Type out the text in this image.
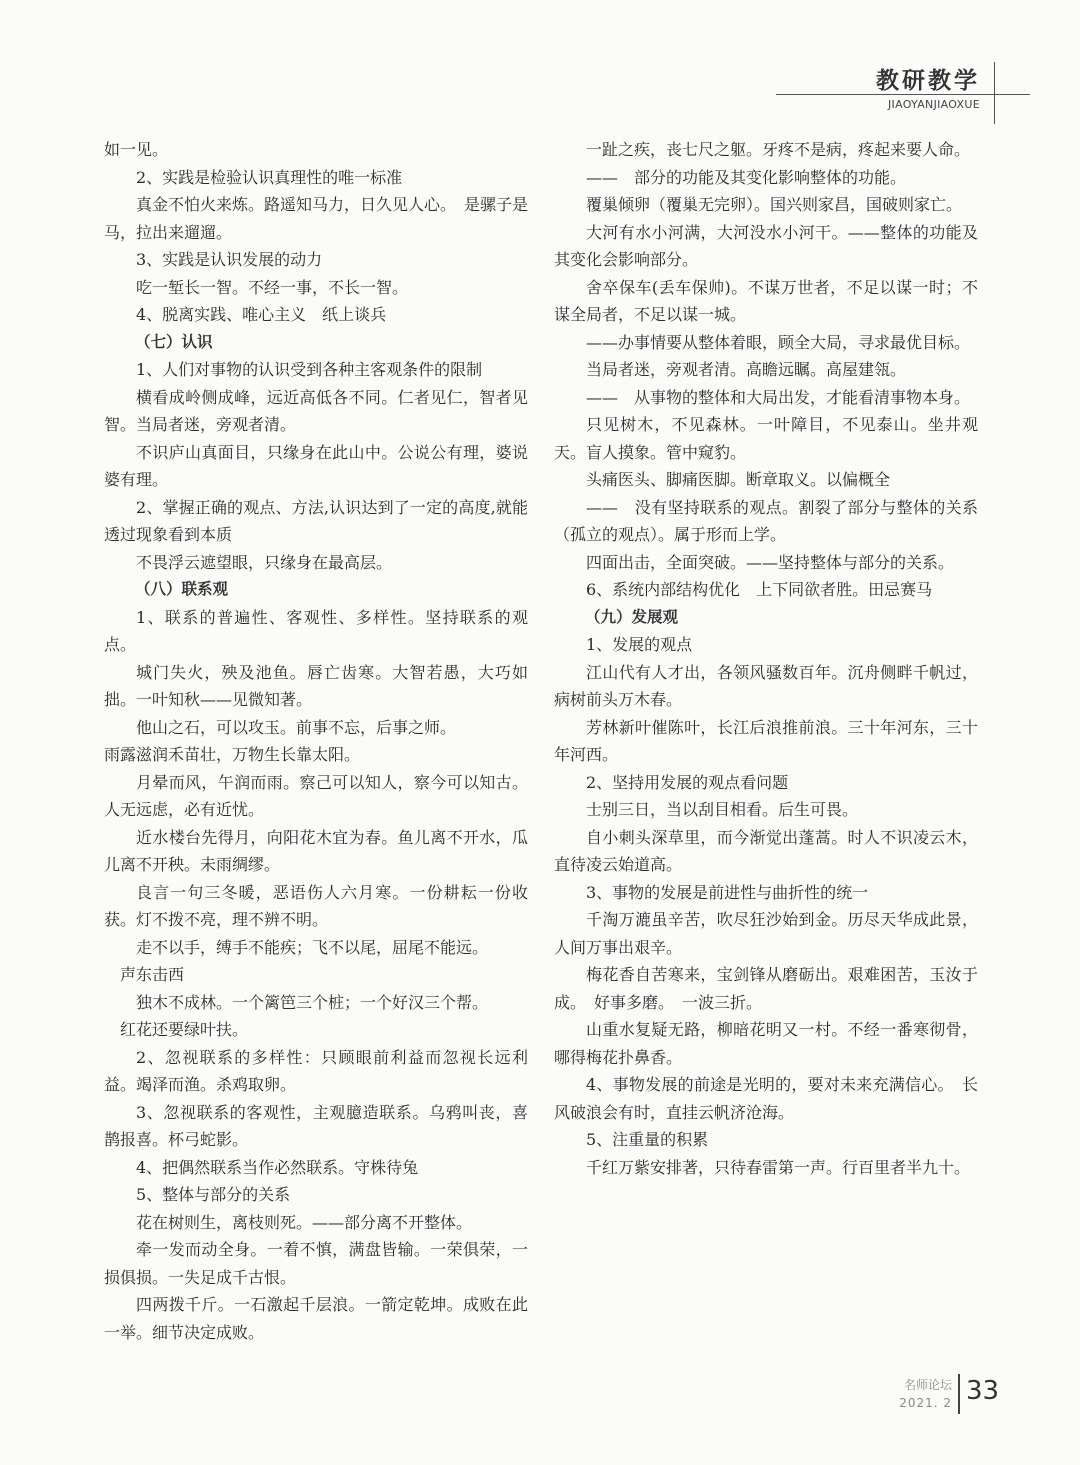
教研教学
JIAOYANJIAOXUE

如一见。

2、实践是检验认识真理性的唯一标准

真金不怕火来炼。路遥知马力，日久见人心。　是骡子是马，拉出来遛遛。

3、实践是认识发展的动力

吃一堑长一智。不经一事，不长一智。

4、脱离实践、唯心主义　纸上谈兵

（七）认识

1、人们对事物的认识受到各种主客观条件的限制

横看成岭侧成峰，远近高低各不同。仁者见仁，智者见智。当局者迷，旁观者清。

不识庐山真面目，只缘身在此山中。公说公有理，婆说婆有理。

2、掌握正确的观点、方法,认识达到了一定的高度,就能透过现象看到本质

不畏浮云遮望眼，只缘身在最高层。

（八）联系观

1、联系的普遍性、客观性、多样性。坚持联系的观点。

城门失火，殃及池鱼。唇亡齿寒。大智若愚，大巧如拙。一叶知秋——见微知著。

他山之石，可以攻玉。前事不忘，后事之师。

雨露滋润禾苗壮，万物生长靠太阳。

月晕而风，午润而雨。察己可以知人，察今可以知古。人无远虑，必有近忧。

近水楼台先得月，向阳花木宜为春。鱼儿离不开水，瓜儿离不开秧。未雨绸缪。

良言一句三冬暖，恶语伤人六月寒。一份耕耘一份收获。灯不拨不亮，理不辨不明。

走不以手，缚手不能疾；飞不以尾，屈尾不能远。

声东击西

独木不成林。一个篱笆三个桩；一个好汉三个帮。

红花还要绿叶扶。

2、忽视联系的多样性：只顾眼前利益而忽视长远利益。竭泽而渔。杀鸡取卵。

3、忽视联系的客观性，主观臆造联系。乌鸦叫丧，喜鹊报喜。杯弓蛇影。

4、把偶然联系当作必然联系。守株待兔

5、整体与部分的关系

花在树则生，离枝则死。——部分离不开整体。

牵一发而动全身。一着不慎，满盘皆输。一荣俱荣，一损俱损。一失足成千古恨。

四两拨千斤。一石激起千层浪。一箭定乾坤。成败在此一举。细节决定成败。

一趾之疾，丧七尺之躯。牙疼不是病，疼起来要人命。

——　部分的功能及其变化影响整体的功能。

覆巢倾卵（覆巢无完卵）。国兴则家昌，国破则家亡。

大河有水小河满，大河没水小河干。——整体的功能及其变化会影响部分。

舍卒保车(丢车保帅)。不谋万世者，不足以谋一时；不谋全局者，不足以谋一城。

——办事情要从整体着眼，顾全大局，寻求最优目标。

当局者迷，旁观者清。高瞻远瞩。高屋建瓴。

——　从事物的整体和大局出发，才能看清事物本身。

只见树木，不见森林。一叶障目，不见泰山。坐井观天。盲人摸象。管中窥豹。

头痛医头、脚痛医脚。断章取义。以偏概全

——　没有坚持联系的观点。割裂了部分与整体的关系（孤立的观点）。属于形而上学。

四面出击，全面突破。——坚持整体与部分的关系。

6、系统内部结构优化　上下同欲者胜。田忌赛马

（九）发展观

1、发展的观点

江山代有人才出，各领风骚数百年。沉舟侧畔千帆过，病树前头万木春。

芳林新叶催陈叶，长江后浪推前浪。三十年河东，三十年河西。

2、坚持用发展的观点看问题

士别三日，当以刮目相看。后生可畏。

自小刺头深草里，而今渐觉出蓬蒿。时人不识凌云木，直待凌云始道高。

3、事物的发展是前进性与曲折性的统一

千淘万漉虽辛苦，吹尽狂沙始到金。历尽天华成此景，人间万事出艰辛。

梅花香自苦寒来，宝剑锋从磨砺出。艰难困苦，玉汝于成。　好事多磨。　一波三折。

山重水复疑无路，柳暗花明又一村。不经一番寒彻骨，哪得梅花扑鼻香。

4、事物发展的前途是光明的，要对未来充满信心。　长风破浪会有时，直挂云帆济沧海。

5、注重量的积累

千红万紫安排著，只待春雷第一声。行百里者半九十。

名师论坛
2021. 2 33
